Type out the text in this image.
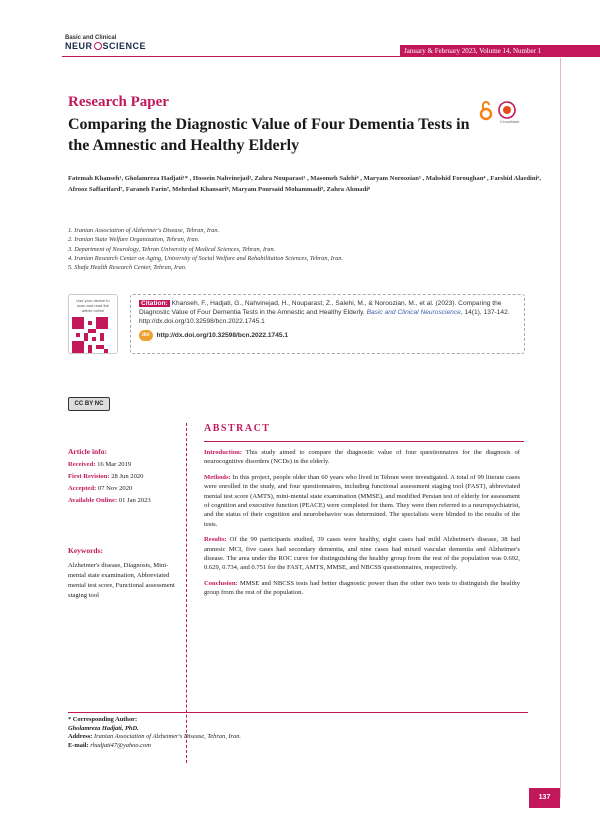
Basic and Clinical
NEUR SCIENCE	January & February 2023, Volume 14, Number 1
Research Paper
Comparing the Diagnostic Value of Four Dementia Tests in the Amnestic and Healthy Elderly
CrossMark
Fatemah Khanseh¹, Gholamreza Hadjati¹* , Hossein Nahvinejad², Zahra Nouparast³ , Masomeh Salehi⁴ , Maryam Noroozian⁵ , Mahshid Foroughan⁴ , Farshid Alaedini⁶, Afrooz Saffarifard⁷, Faraneh Farin⁷, Mehrdad Khansari⁸, Maryam Poursaid Mohammadi⁹, Zahra Ahmadi⁸
1. Iranian Association of Alzheimer's Disease, Tehran, Iran.
2. Iranian State Welfare Organization, Tehran, Iran.
3. Department of Neurology, Tehran University of Medical Sciences, Tehran, Iran.
4. Iranian Research Center on Aging, University of Social Welfare and Rehabilitation Sciences, Tehran, Iran.
5. Shafa Health Research Center, Tehran, Iran.
Use your device to scan and read the article online
Citation: Khanseh, F., Hadjati, G., Nahvinejad, H., Nouparast, Z., Salehi, M., & Noroozian, M., et al. (2023). Comparing the Diagnostic Value of Four Dementia Tests in the Amnestic and Healthy Elderly. Basic and Clinical Neuroscience, 14(1), 137-142. http://dx.doi.org/10.32598/bcn.2022.1745.1
doi	http://dx.doi.org/10.32598/bcn.2022.1745.1
CC BY NC
Article info:
Received: 16 Mar 2019
First Revision: 28 Jun 2020
Accepted: 07 Nov 2020
Available Online: 01 Jan 2023
Keywords:
Alzheimer's disease, Diagnosis, Mini-mental state examination, Abbreviated mental test score, Functional assessment staging tool
ABSTRACT

Introduction: This study aimed to compare the diagnostic value of four questionnaires for the diagnosis of neurocognitive disorders (NCDs) in the elderly.

Methods: In this project, people older than 60 years who lived in Tehran were investigated. A total of 99 literate cases were enrolled in the study, and four questionnaires, including functional assessment staging tool (FAST), abbreviated mental test score (AMTS), mini-mental state examination (MMSE), and modified Persian test of elderly for assessment of cognition and executive function (PEACE) were completed for them. They were then referred to a neuropsychiatrist, and the status of their cognition and neurobehavior was determined. The specialists were blinded to the results of the tests.

Results: Of the 99 participants studied, 39 cases were healthy, eight cases had mild Alzheimer's disease, 38 had amnesic MCI, five cases had secondary dementia, and nine cases had mixed vascular dementia and Alzheimer's disease. The area under the ROC curve for distinguishing the healthy group from the rest of the population was 0.692, 0.629, 0.734, and 0.751 for the FAST, AMTS, MMSE, and NBCSS questionnaires, respectively.

Conclusion: MMSE and NBCSS tests had better diagnostic power than the other two tests to distinguish the healthy group from the rest of the population.

* Corresponding Author:
Gholamreza Hadjati, PhD.
Address: Iranian Association of Alzheimer's Disease, Tehran, Iran.
E-mail: rhadjati47@yahoo.com
137
